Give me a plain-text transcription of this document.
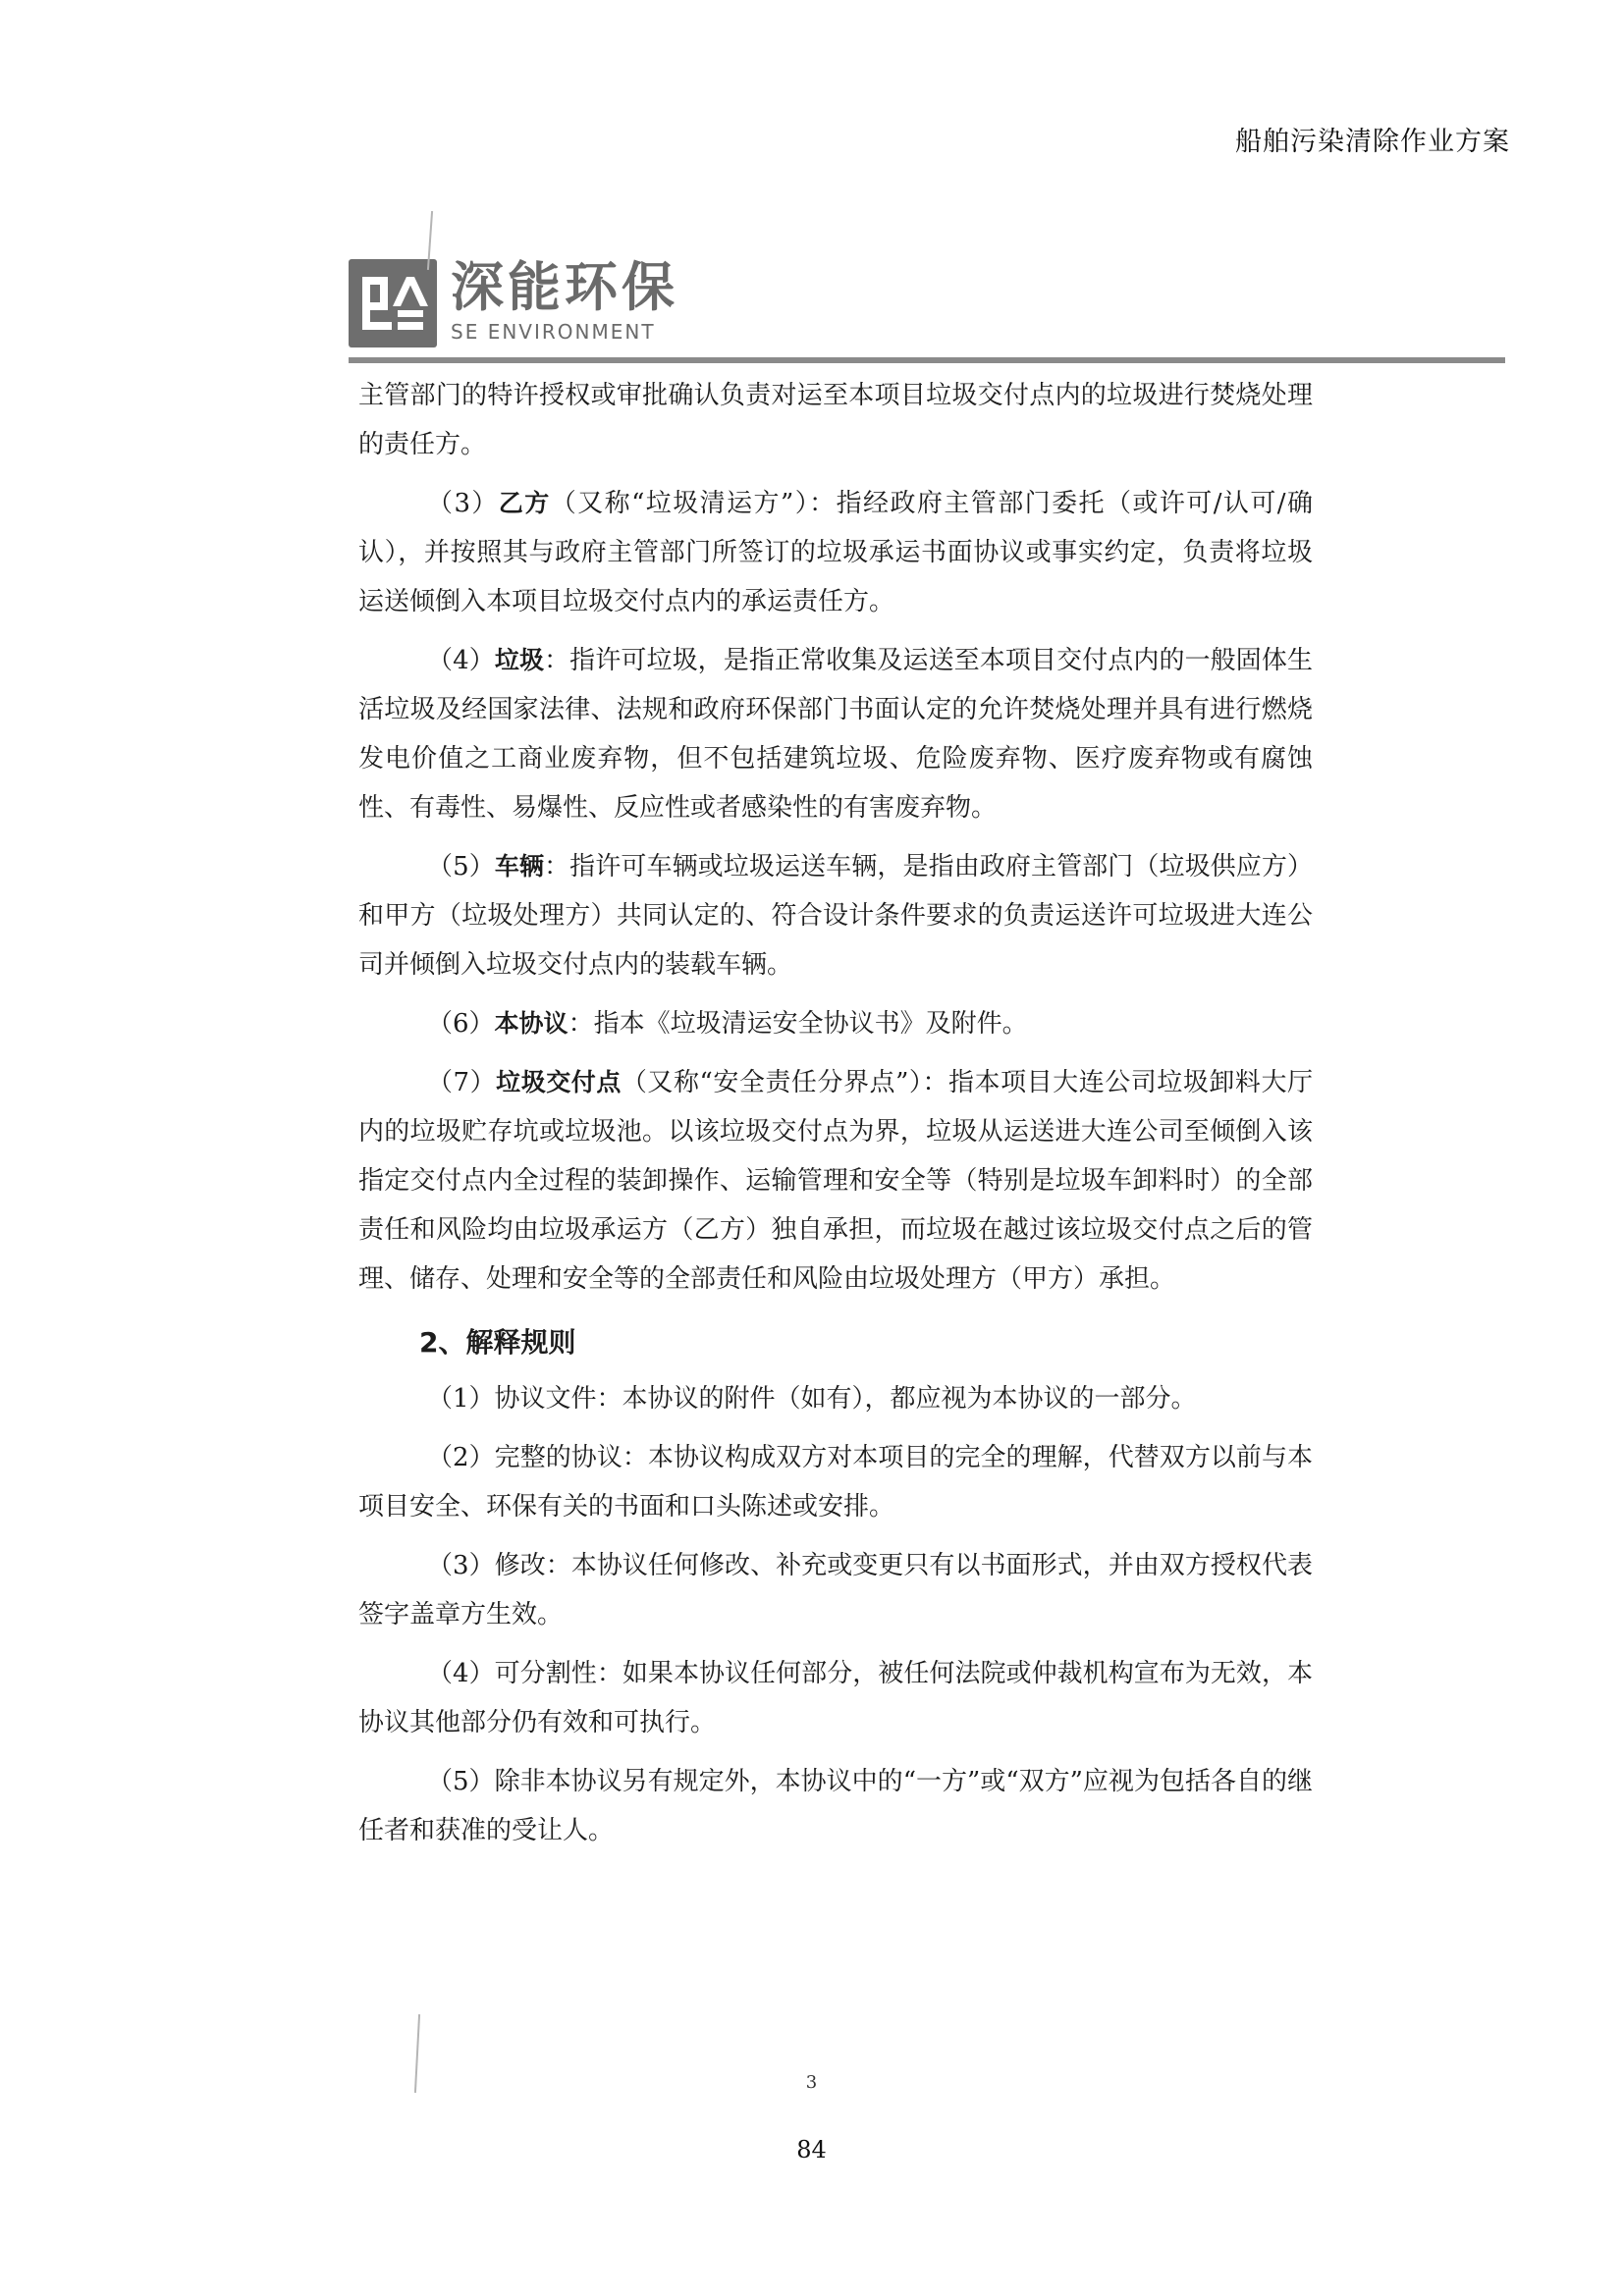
船舶污染清除作业方案
深能环保
SE ENVIRONMENT

主管部门的特许授权或审批确认负责对运至本项目垃圾交付点内的垃圾进行焚烧处理的责任方。

（3）乙方（又称“垃圾清运方”）：指经政府主管部门委托（或许可/认可/确认），并按照其与政府主管部门所签订的垃圾承运书面协议或事实约定，负责将垃圾运送倾倒入本项目垃圾交付点内的承运责任方。

（4）垃圾：指许可垃圾，是指正常收集及运送至本项目交付点内的一般固体生活垃圾及经国家法律、法规和政府环保部门书面认定的允许焚烧处理并具有进行燃烧发电价值之工商业废弃物，但不包括建筑垃圾、危险废弃物、医疗废弃物或有腐蚀性、有毒性、易爆性、反应性或者感染性的有害废弃物。

（5）车辆：指许可车辆或垃圾运送车辆，是指由政府主管部门（垃圾供应方）和甲方（垃圾处理方）共同认定的、符合设计条件要求的负责运送许可垃圾进大连公司并倾倒入垃圾交付点内的装载车辆。

（6）本协议：指本《垃圾清运安全协议书》及附件。

（7）垃圾交付点（又称“安全责任分界点”）：指本项目大连公司垃圾卸料大厅内的垃圾贮存坑或垃圾池。以该垃圾交付点为界，垃圾从运送进大连公司至倾倒入该指定交付点内全过程的装卸操作、运输管理和安全等（特别是垃圾车卸料时）的全部责任和风险均由垃圾承运方（乙方）独自承担，而垃圾在越过该垃圾交付点之后的管理、储存、处理和安全等的全部责任和风险由垃圾处理方（甲方）承担。

2、解释规则

（1）协议文件：本协议的附件（如有），都应视为本协议的一部分。

（2）完整的协议：本协议构成双方对本项目的完全的理解，代替双方以前与本项目安全、环保有关的书面和口头陈述或安排。

（3）修改：本协议任何修改、补充或变更只有以书面形式，并由双方授权代表签字盖章方生效。

（4）可分割性：如果本协议任何部分，被任何法院或仲裁机构宣布为无效，本协议其他部分仍有效和可执行。

（5）除非本协议另有规定外，本协议中的“一方”或“双方”应视为包括各自的继任者和获准的受让人。

3
84
